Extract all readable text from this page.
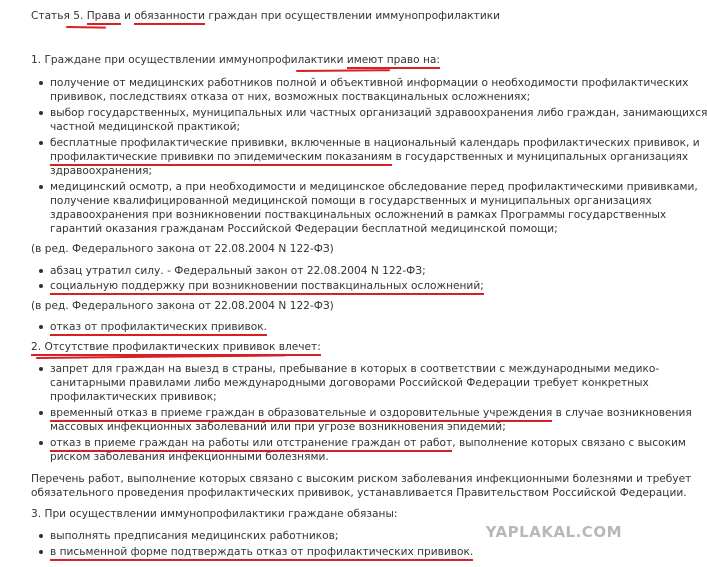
Статья 5. Права и обязанности граждан при осуществлении иммунопрофилактики
1. Граждане при осуществлении иммунопрофилактики имеют право на:
получение от медицинских работников полной и объективной информации о необходимости профилактических
прививок, последствиях отказа от них, возможных поствакцинальных осложнениях;
выбор государственных, муниципальных или частных организаций здравоохранения либо граждан, занимающихся
частной медицинской практикой;
бесплатные профилактические прививки, включенные в национальный календарь профилактических прививок, и
профилактические прививки по эпидемическим показаниям в государственных и муниципальных организациях
здравоохранения;
медицинский осмотр, а при необходимости и медицинское обследование перед профилактическими прививками,
получение квалифицированной медицинской помощи в государственных и муниципальных организациях
здравоохранения при возникновении поствакцинальных осложнений в рамках Программы государственных
гарантий оказания гражданам Российской Федерации бесплатной медицинской помощи;
(в ред. Федерального закона от 22.08.2004 N 122-ФЗ)
абзац утратил силу. - Федеральный закон от 22.08.2004 N 122-ФЗ;
социальную поддержку при возникновении поствакцинальных осложнений;
(в ред. Федерального закона от 22.08.2004 N 122-ФЗ)
отказ от профилактических прививок.
2. Отсутствие профилактических прививок влечет:
запрет для граждан на выезд в страны, пребывание в которых в соответствии с международными медико-
санитарными правилами либо международными договорами Российской Федерации требует конкретных
профилактических прививок;
временный отказ в приеме граждан в образовательные и оздоровительные учреждения в случае возникновения
массовых инфекционных заболеваний или при угрозе возникновения эпидемий;
отказ в приеме граждан на работы или отстранение граждан от работ, выполнение которых связано с высоким
риском заболевания инфекционными болезнями.
Перечень работ, выполнение которых связано с высоким риском заболевания инфекционными болезнями и требует
обязательного проведения профилактических прививок, устанавливается Правительством Российской Федерации.
3. При осуществлении иммунопрофилактики граждане обязаны:
выполнять предписания медицинских работников;
в письменной форме подтверждать отказ от профилактических прививок.
YAPLAKAL.COM
